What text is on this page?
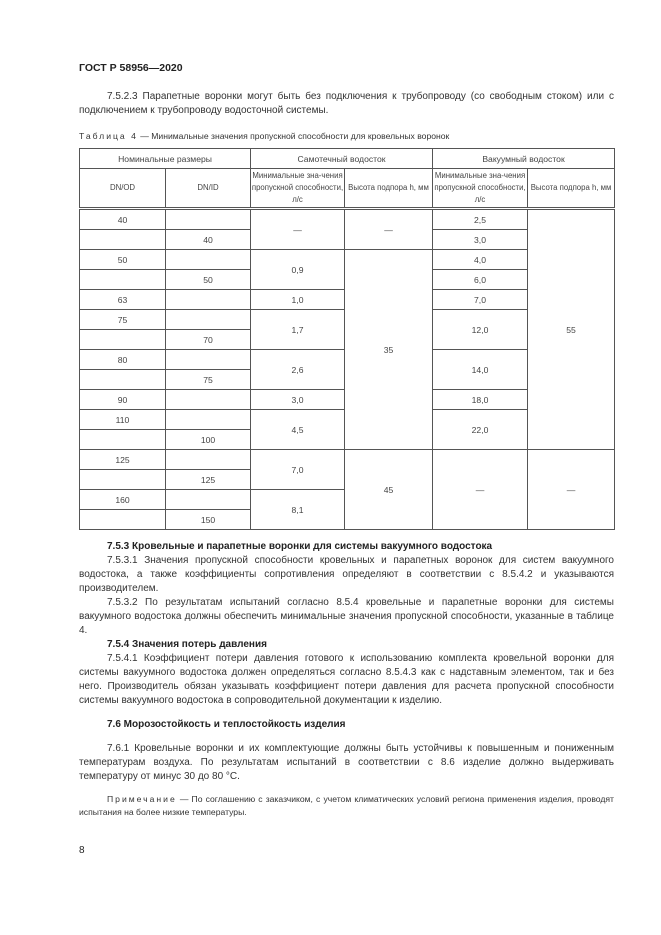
ГОСТ Р 58956—2020

7.5.2.3 Парапетные воронки могут быть без подключения к трубопроводу (со свободным стоком) или с подключением к трубопроводу водосточной системы.

Таблица 4 — Минимальные значения пропускной способности для кровельных воронок
Номинальные размеры		Самотечный водосток		Вакуумный водосток	
DN/OD	DN/ID	Минимальные зна-чения пропускной способности, л/с	Высота подпора h, мм	Минимальные зна-чения пропускной способности, л/с	Высота подпора h, мм
40		—	—	2,5	55
	40			3,0	
50		0,9	35	4,0	
	50			6,0	
63		1,0		7,0	
75		1,7		12,0	
	70				
80		2,6		14,0	
	75				
90		3,0		18,0	
110		4,5		22,0	
	100				
125		7,0	45	—	—
	125				
160		8,1			
	150				

7.5.3 Кровельные и парапетные воронки для системы вакуумного водостока

7.5.3.1 Значения пропускной способности кровельных и парапетных воронок для систем вакуумного водостока, а также коэффициенты сопротивления определяют в соответствии с 8.5.4.2 и указываются производителем.

7.5.3.2 По результатам испытаний согласно 8.5.4 кровельные и парапетные воронки для системы вакуумного водостока должны обеспечить минимальные значения пропускной способности, указанные в таблице 4.

7.5.4 Значения потерь давления

7.5.4.1 Коэффициент потери давления готового к использованию комплекта кровельной воронки для системы вакуумного водостока должен определяться согласно 8.5.4.3 как с надставным элементом, так и без него. Производитель обязан указывать коэффициент потери давления для расчета пропускной способности системы вакуумного водостока в сопроводительной документации к изделию.

7.6 Морозостойкость и теплостойкость изделия

7.6.1 Кровельные воронки и их комплектующие должны быть устойчивы к повышенным и пониженным температурам воздуха. По результатам испытаний в соответствии с 8.6 изделие должно выдерживать температуру от минус 30 до 80 °С.

Примечание — По соглашению с заказчиком, с учетом климатических условий региона применения изделия, проводят испытания на более низкие температуры.

8
